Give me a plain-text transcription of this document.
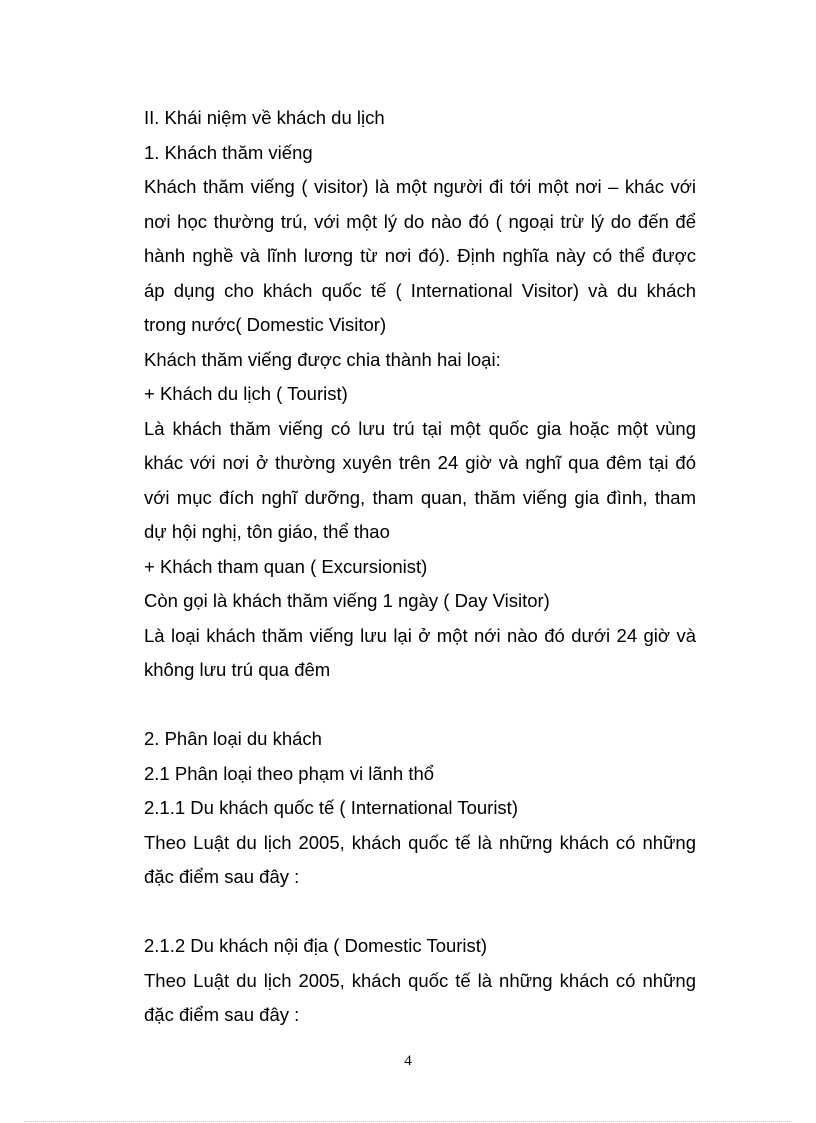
II. Khái niệm về khách du lịch
1. Khách thăm viếng
Khách thăm viếng ( visitor) là một người đi tới một nơi – khác với
nơi học thường trú, với một lý do nào đó ( ngoại trừ lý do đến để
hành nghề và lĩnh lương từ nơi đó). Định nghĩa này có thể được
áp dụng cho khách quốc tế ( International Visitor) và du khách
trong nước( Domestic Visitor)
Khách thăm viếng được chia thành hai loại:
+ Khách du lịch ( Tourist)
Là khách thăm viếng có lưu trú tại một quốc gia hoặc một vùng
khác với nơi ở thường xuyên trên 24 giờ và nghĩ qua đêm tại đó
với mục đích nghĩ dưỡng, tham quan, thăm viếng gia đình, tham
dự hội nghị, tôn giáo, thể thao
+ Khách tham quan ( Excursionist)
Còn gọi là khách thăm viếng 1 ngày ( Day Visitor)
Là loại khách thăm viếng lưu lại ở một nới nào đó dưới 24 giờ và
không lưu trú qua đêm
2. Phân loại du khách
2.1 Phân loại theo phạm vi lãnh thổ
2.1.1 Du khách quốc tế ( International Tourist)
Theo Luật du lịch 2005, khách quốc tế là những khách có những
đặc điểm sau đây :
2.1.2 Du khách nội địa ( Domestic Tourist)
Theo Luật du lịch 2005, khách quốc tế là những khách có những
đặc điểm sau đây :
4
